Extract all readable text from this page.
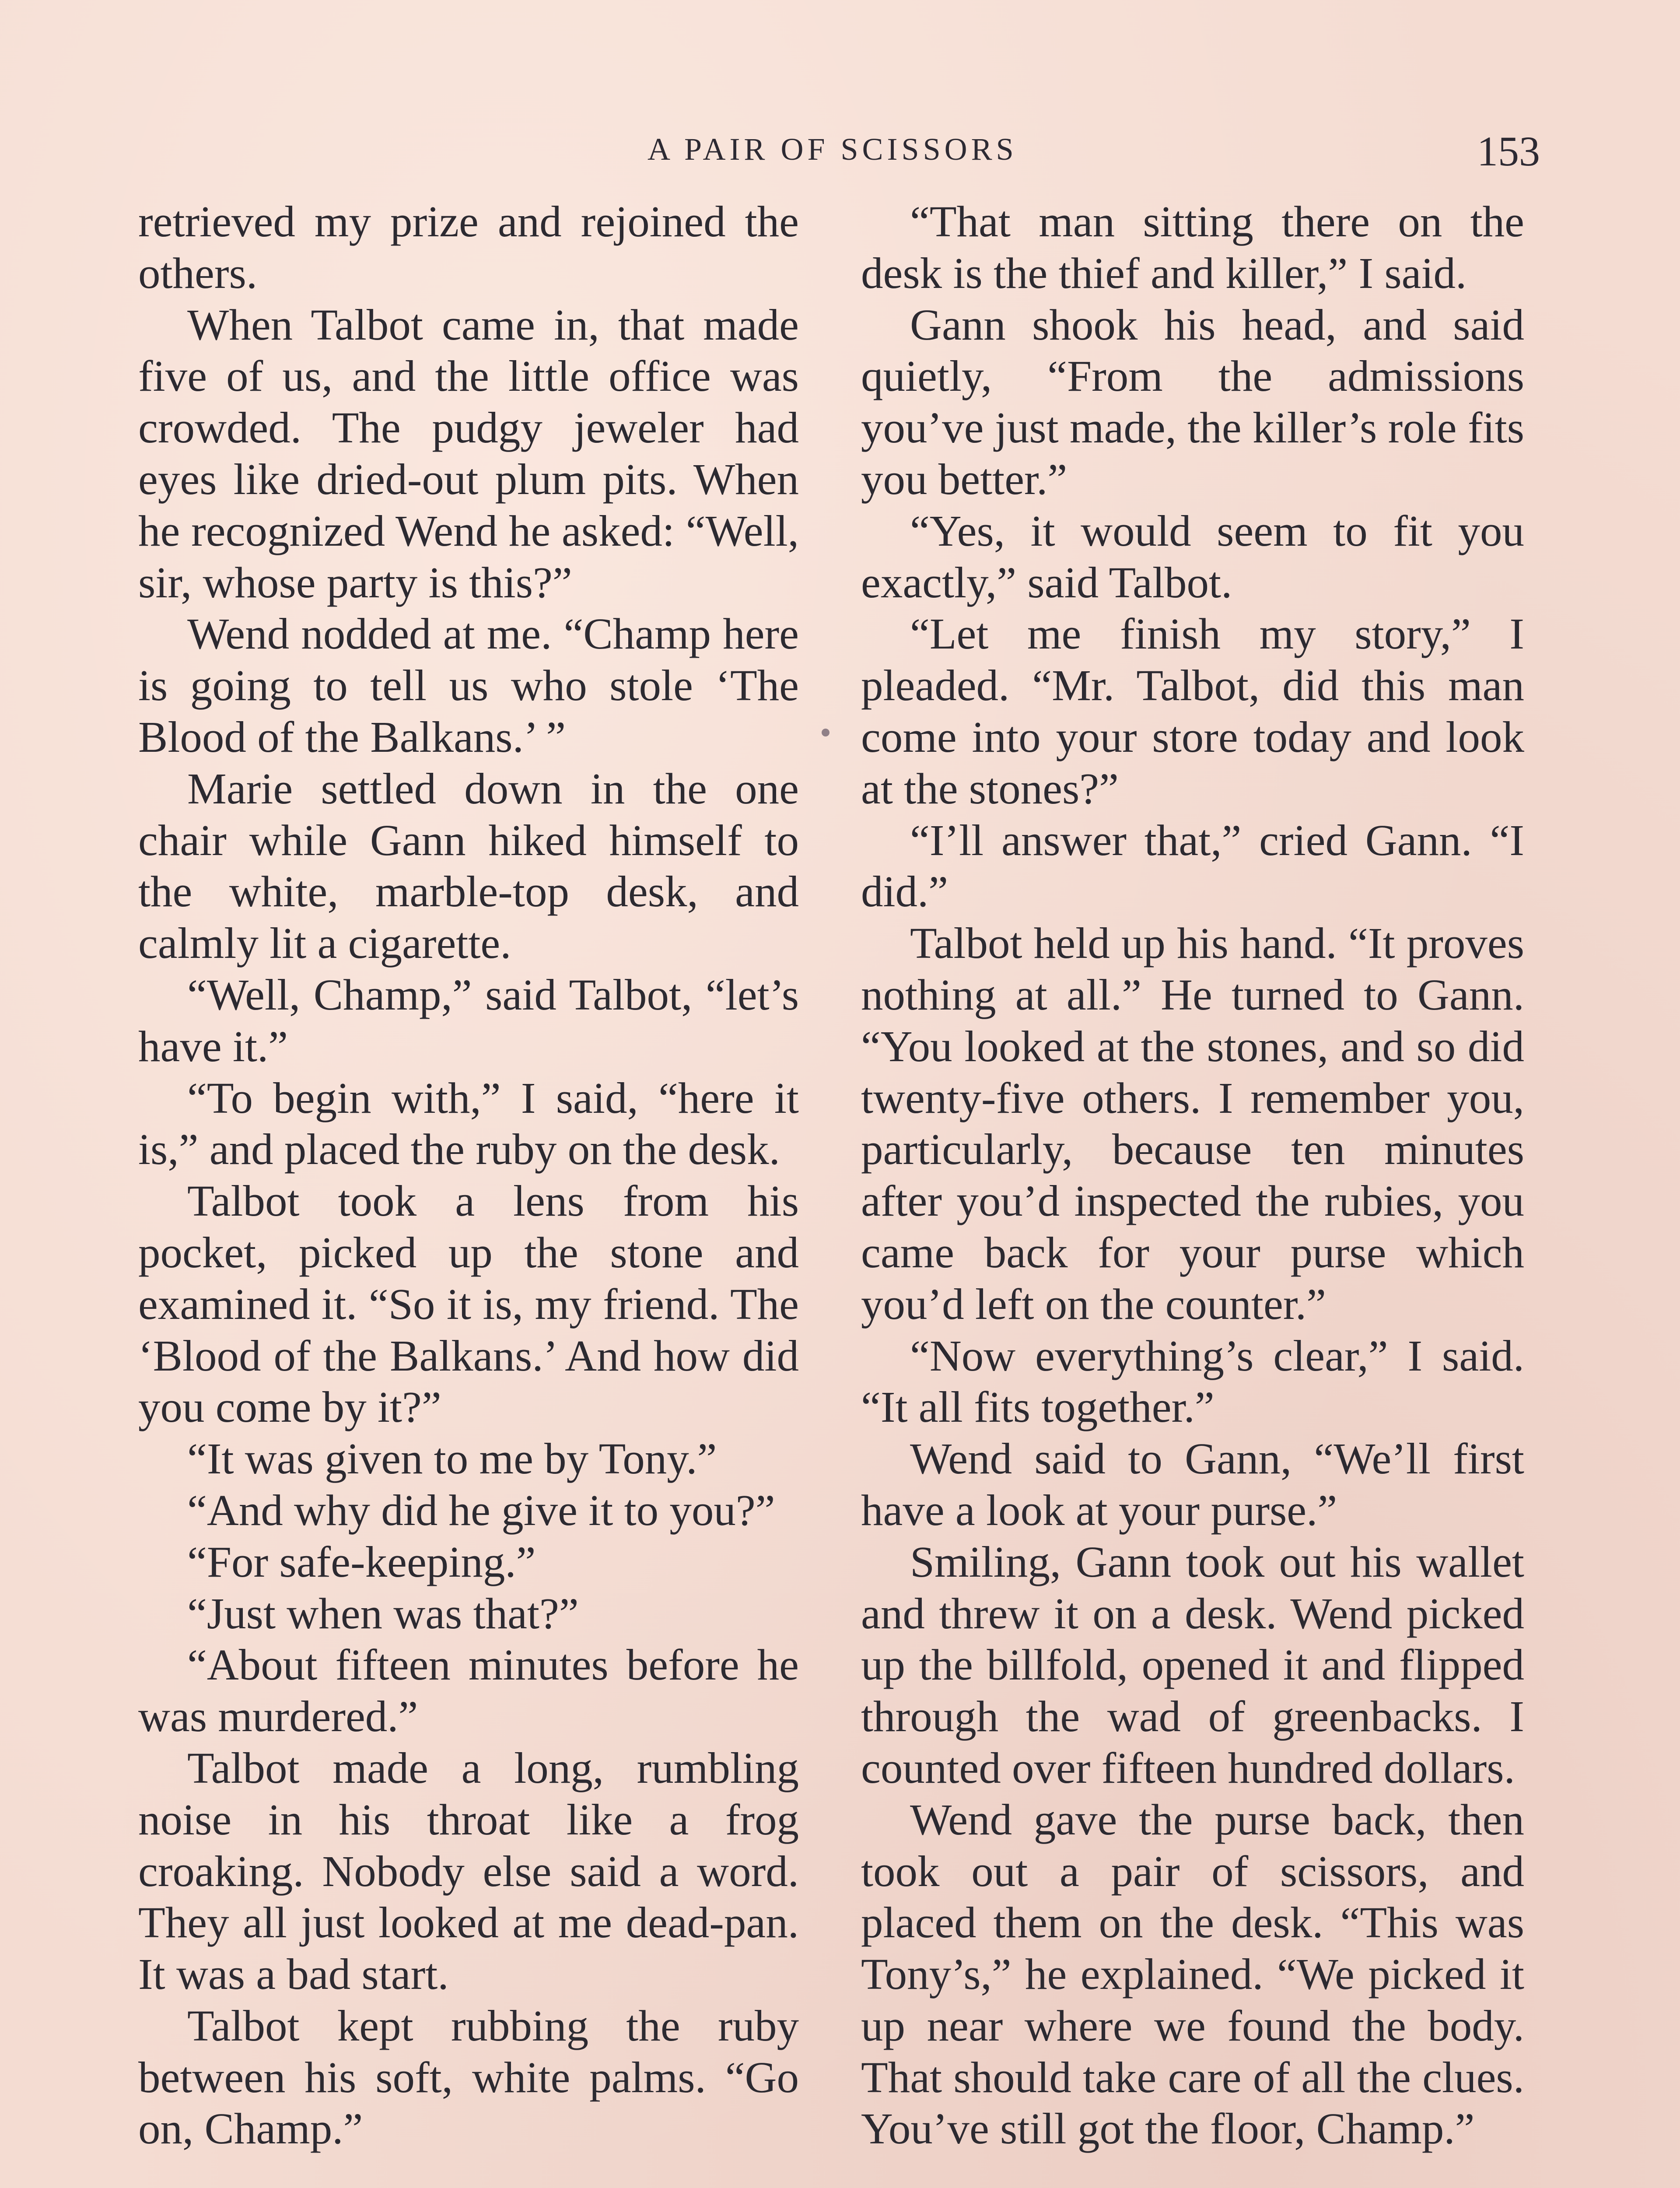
A PAIR OF SCISSORS	153

retrieved my prize and rejoined the others.

When Talbot came in, that made five of us, and the little office was crowded. The pudgy jeweler had eyes like dried-out plum pits. When he recognized Wend he asked: “Well, sir, whose party is this?”

Wend nodded at me. “Champ here is going to tell us who stole ‘The Blood of the Balkans.’ ”

Marie settled down in the one chair while Gann hiked himself to the white, marble-top desk, and calmly lit a cigarette.

“Well, Champ,” said Talbot, “let’s have it.”

“To begin with,” I said, “here it is,” and placed the ruby on the desk.

Talbot took a lens from his pocket, picked up the stone and examined it. “So it is, my friend. The ‘Blood of the Balkans.’ And how did you come by it?”

“It was given to me by Tony.”

“And why did he give it to you?”

“For safe-keeping.”

“Just when was that?”

“About fifteen minutes before he was murdered.”

Talbot made a long, rumbling noise in his throat like a frog croaking. Nobody else said a word. They all just looked at me dead-pan. It was a bad start.

Talbot kept rubbing the ruby between his soft, white palms. “Go on, Champ.”

“That man sitting there on the desk is the thief and killer,” I said.

Gann shook his head, and said quietly, “From the admissions you’ve just made, the killer’s role fits you better.”

“Yes, it would seem to fit you exactly,” said Talbot.

“Let me finish my story,” I pleaded. “Mr. Talbot, did this man come into your store today and look at the stones?”

“I’ll answer that,” cried Gann. “I did.”

Talbot held up his hand. “It proves nothing at all.” He turned to Gann. “You looked at the stones, and so did twenty-five others. I remember you, particularly, because ten minutes after you’d inspected the rubies, you came back for your purse which you’d left on the counter.”

“Now everything’s clear,” I said. “It all fits together.”

Wend said to Gann, “We’ll first have a look at your purse.”

Smiling, Gann took out his wallet and threw it on a desk. Wend picked up the billfold, opened it and flipped through the wad of greenbacks. I counted over fifteen hundred dollars.

Wend gave the purse back, then took out a pair of scissors, and placed them on the desk. “This was Tony’s,” he explained. “We picked it up near where we found the body. That should take care of all the clues. You’ve still got the floor, Champ.”
